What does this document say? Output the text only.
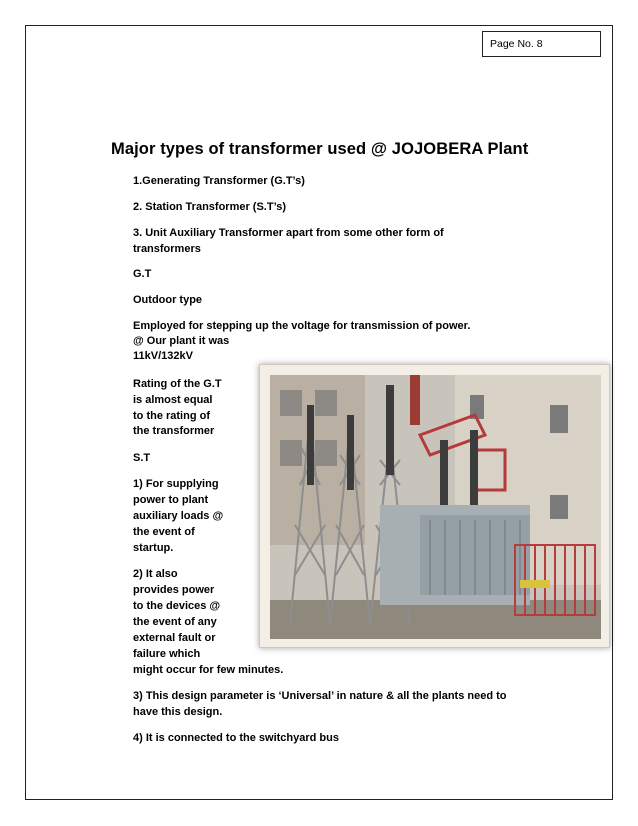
Page No. 8
Major types of transformer used @ JOJOBERA Plant
1.Generating Transformer (G.T’s)
2. Station Transformer (S.T’s)
3. Unit Auxiliary Transformer apart from some other form of
transformers
G.T
Outdoor type
Employed for stepping up the voltage for transmission of power.
@ Our plant it was
11kV/132kV
Rating of the G.T
is almost equal
to the rating of
the transformer
S.T
1) For supplying
power to plant
auxiliary loads @
the event of
startup.
2) It also
provides power
to the devices @
the event of any
external fault or
failure which
might occur for few minutes.
3) This design parameter is ‘Universal’ in nature & all the plants need to
have this design.
4) It is connected to the switchyard bus
